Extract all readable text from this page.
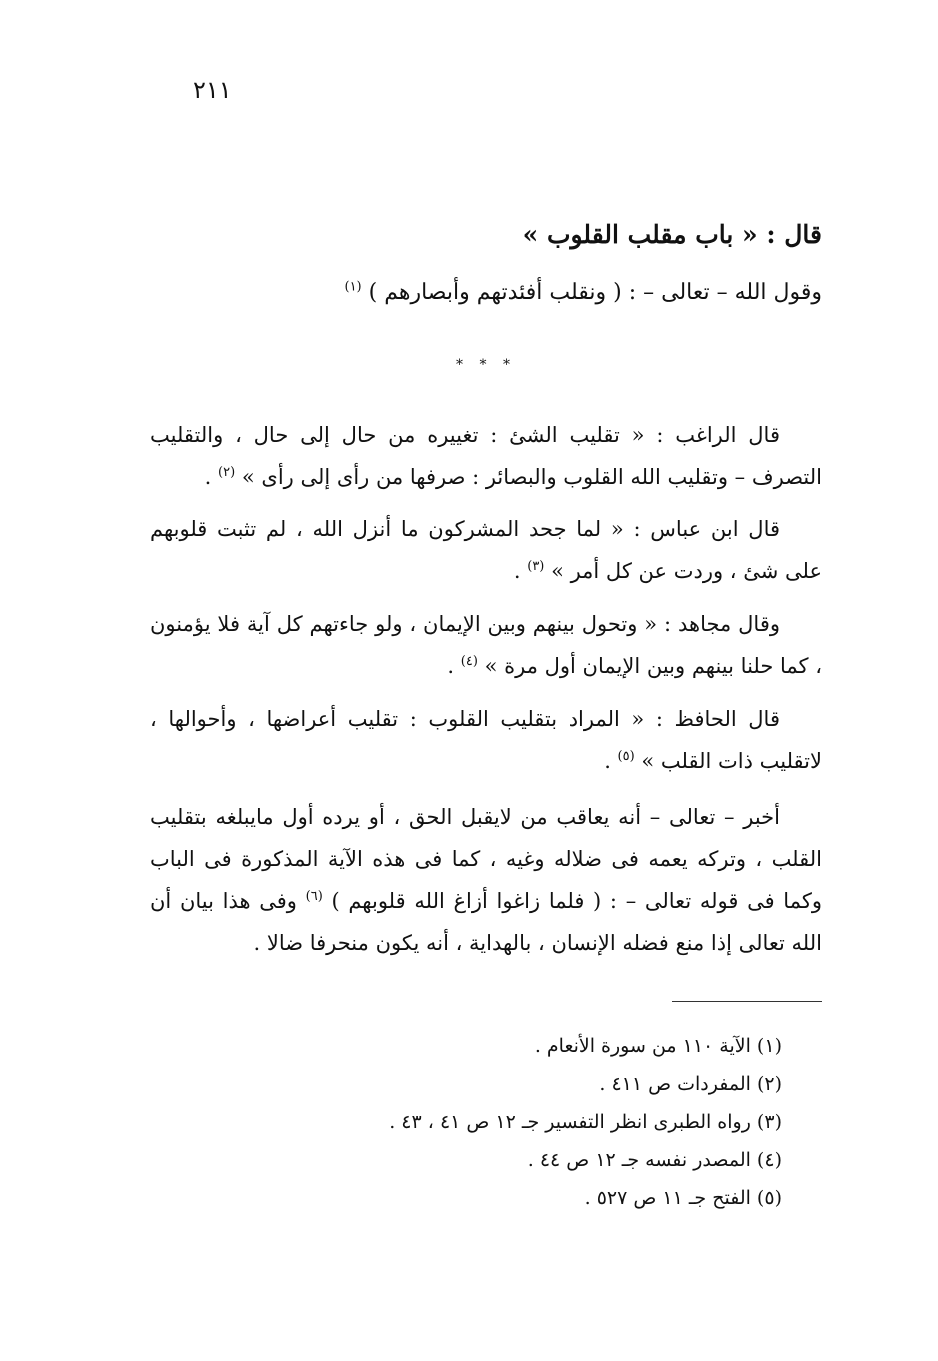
٢١١
قال : « باب مقلب القلوب »
وقول الله – تعالى – : ( ونقلب أفئدتهم وأبصارهم ) $^{(١)}$
* * *
قال الراغب : « تقليب الشئ : تغييره من حال إلى حال ، والتقليب التصرف – وتقليب الله القلوب والبصائر : صرفها من رأى إلى رأى » $^{(٢)}$ .
قال ابن عباس : « لما جحد المشركون ما أنزل الله ، لم تثبت قلوبهم على شئ ، وردت عن كل أمر » $^{(٣)}$ .
وقال مجاهد : « وتحول بينهم وبين الإيمان ، ولو جاءتهم كل آية فلا يؤمنون ، كما حلنا بينهم وبين الإيمان أول مرة » $^{(٤)}$ .
قال الحافظ : « المراد بتقليب القلوب : تقليب أعراضها ، وأحوالها ، لاتقليب ذات القلب » $^{(٥)}$ .
أخبر – تعالى – أنه يعاقب من لايقبل الحق ، أو يرده أول مايبلغه بتقليب القلب ، وتركه يعمه فى ضلاله وغيه ، كما فى هذه الآية المذكورة فى الباب وكما فى قوله تعالى – : ( فلما زاغوا أزاغ الله قلوبهم ) $^{(٦)}$ وفى هذا بيان أن الله تعالى إذا منع فضله الإنسان ، بالهداية ، أنه يكون منحرفا ضالا .
(١) الآية ١١٠ من سورة الأنعام .
(٢) المفردات ص ٤١١ .
(٣) رواه الطبرى انظر التفسير جـ ١٢ ص ٤١ ، ٤٣ .
(٤) المصدر نفسه جـ ١٢ ص ٤٤ .
(٥) الفتح جـ ١١ ص ٥٢٧ .
